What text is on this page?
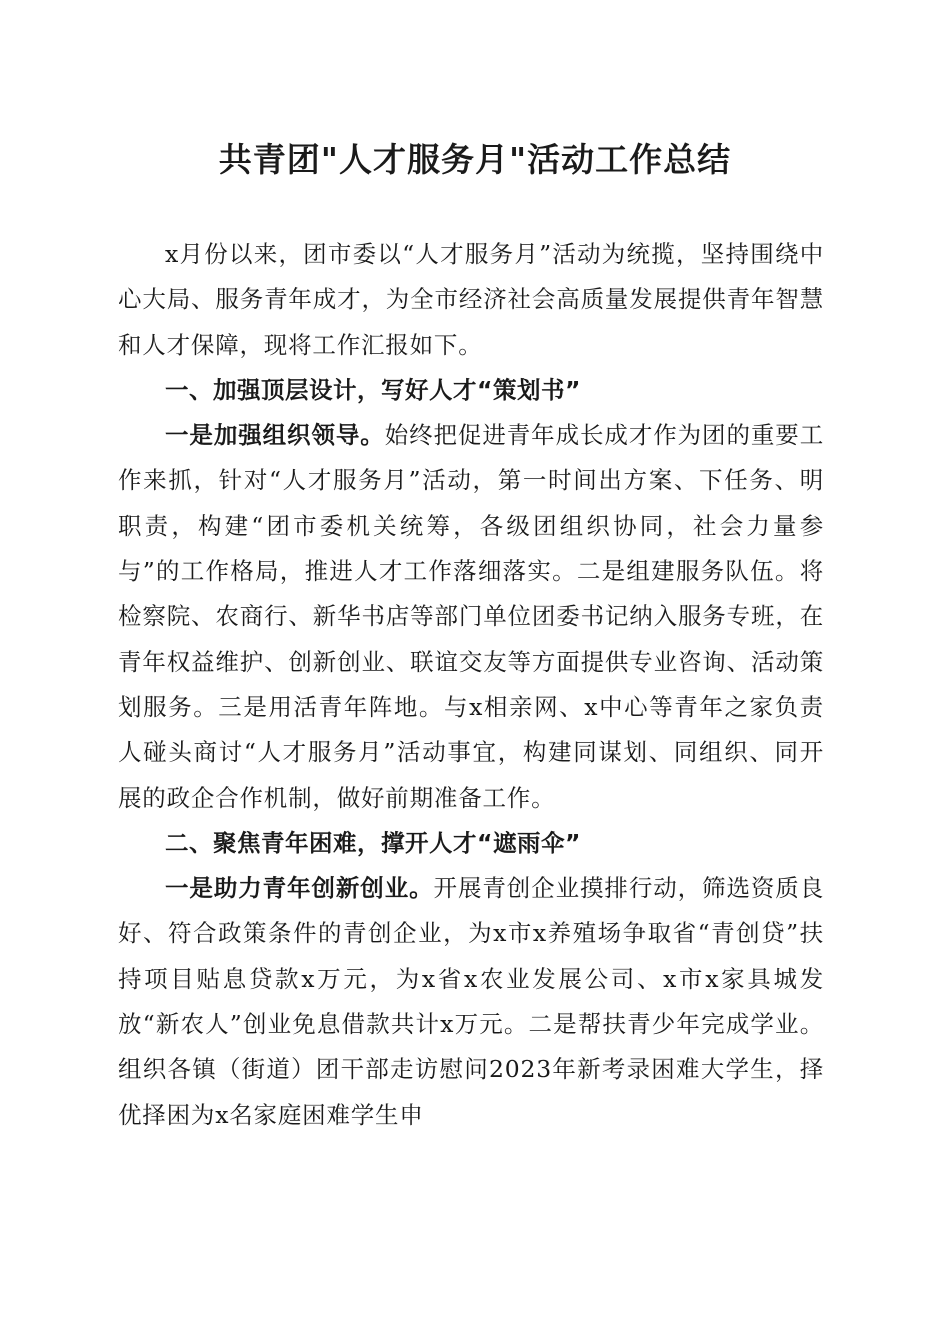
共青团"人才服务月"活动工作总结

x月份以来，团市委以“人才服务月”活动为统揽，坚持围绕中心大局、服务青年成才，为全市经济社会高质量发展提供青年智慧和人才保障，现将工作汇报如下。

一、加强顶层设计，写好人才“策划书”

一是加强组织领导。始终把促进青年成长成才作为团的重要工作来抓，针对“人才服务月”活动，第一时间出方案、下任务、明职责，构建“团市委机关统筹，各级团组织协同，社会力量参与”的工作格局，推进人才工作落细落实。二是组建服务队伍。将检察院、农商行、新华书店等部门单位团委书记纳入服务专班，在青年权益维护、创新创业、联谊交友等方面提供专业咨询、活动策划服务。三是用活青年阵地。与x相亲网、x中心等青年之家负责人碰头商讨“人才服务月”活动事宜，构建同谋划、同组织、同开展的政企合作机制，做好前期准备工作。

二、聚焦青年困难，撑开人才“遮雨伞”

一是助力青年创新创业。开展青创企业摸排行动，筛选资质良好、符合政策条件的青创企业，为x市x养殖场争取省“青创贷”扶持项目贴息贷款x万元，为x省x农业发展公司、x市x家具城发放“新农人”创业免息借款共计x万元。二是帮扶青少年完成学业。组织各镇（街道）团干部走访慰问2023年新考录困难大学生，择优择困为x名家庭困难学生申
